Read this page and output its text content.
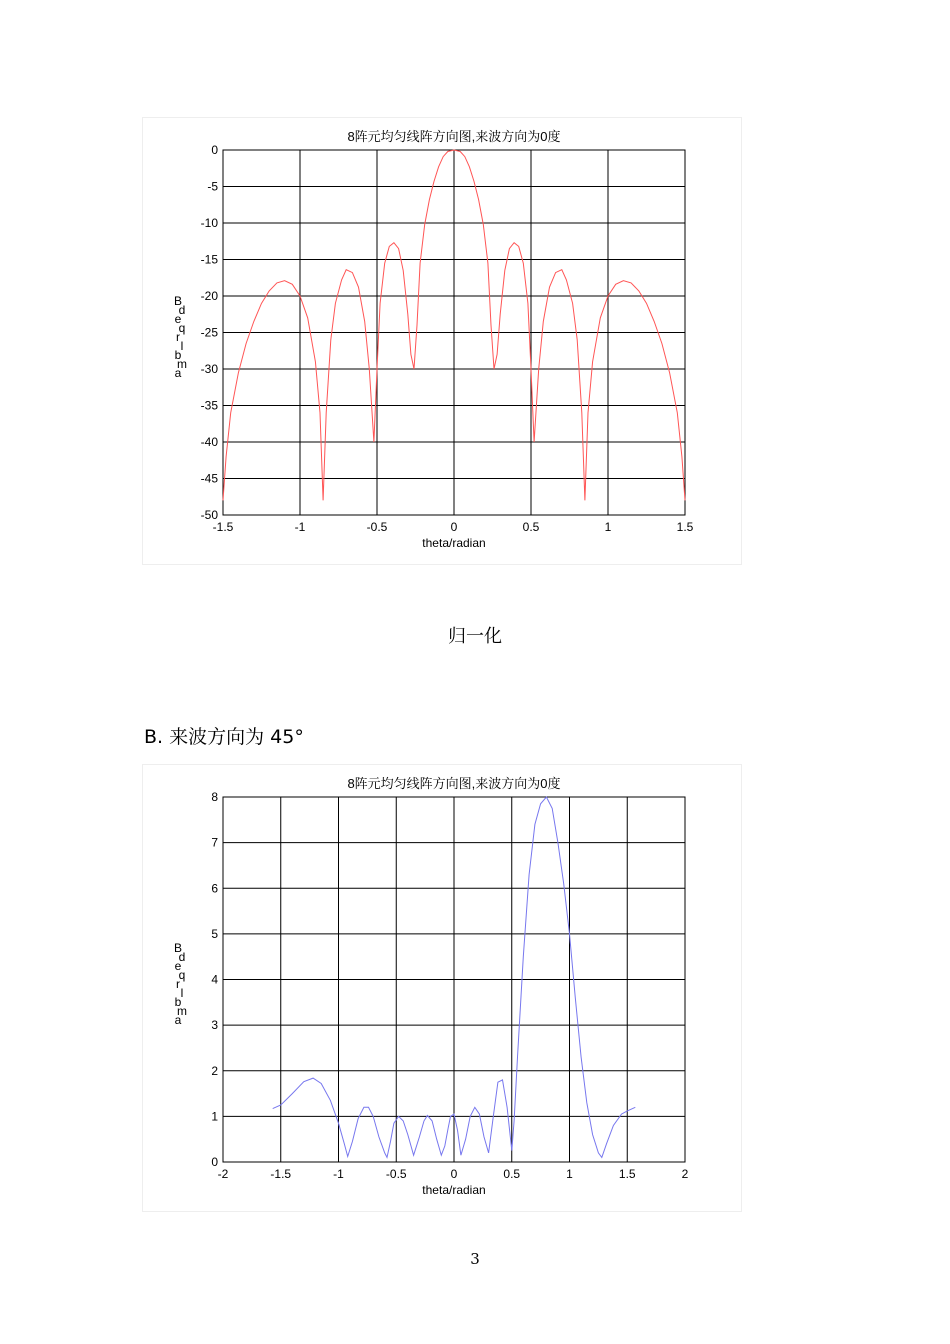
8阵元均匀线阵方向图,来波方向为0度
-1.5	-1	-0.5	0	0.5	1	1.5
0
-5
-10
-15
-20
-25
-30
-35
-40
-45
-50
theta/radian
B d e q rl b m a
归一化
B. 来波方向为 45°
8阵元均匀线阵方向图,来波方向为0度
-2	-1.5	-1	-0.5	0	0.5	1	1.5	2
8
7
6
5
4
3
2
1
0
theta/radian
B d e q rl b m a
3
